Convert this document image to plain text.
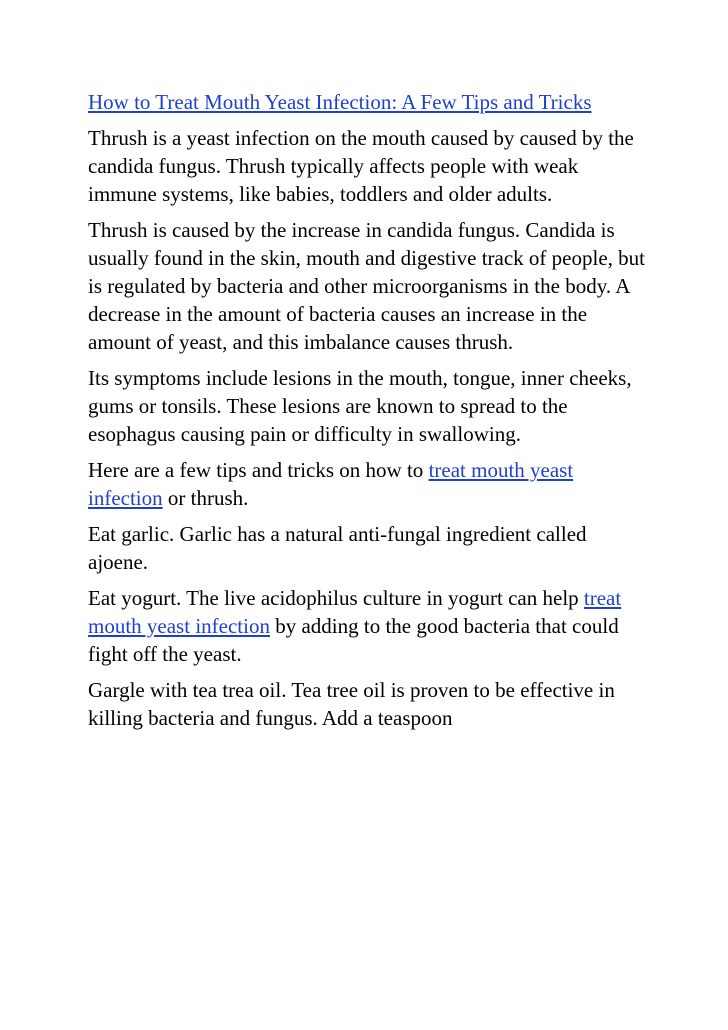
How to Treat Mouth Yeast Infection: A Few Tips and Tricks

Thrush is a yeast infection on the mouth caused by caused by the candida fungus. Thrush typically affects people with weak immune systems, like babies, toddlers and older adults.

Thrush is caused by the increase in candida fungus. Candida is usually found in the skin, mouth and digestive track of people, but is regulated by bacteria and other microorganisms in the body. A decrease in the amount of bacteria causes an increase in the amount of yeast, and this imbalance causes thrush.

Its symptoms include lesions in the mouth, tongue, inner cheeks, gums or tonsils. These lesions are known to spread to the esophagus causing pain or difficulty in swallowing.

Here are a few tips and tricks on how to treat mouth yeast infection or thrush.

Eat garlic. Garlic has a natural anti-fungal ingredient called ajoene.

Eat yogurt. The live acidophilus culture in yogurt can help treat mouth yeast infection by adding to the good bacteria that could fight off the yeast.

Gargle with tea trea oil. Tea tree oil is proven to be effective in killing bacteria and fungus. Add a teaspoon
